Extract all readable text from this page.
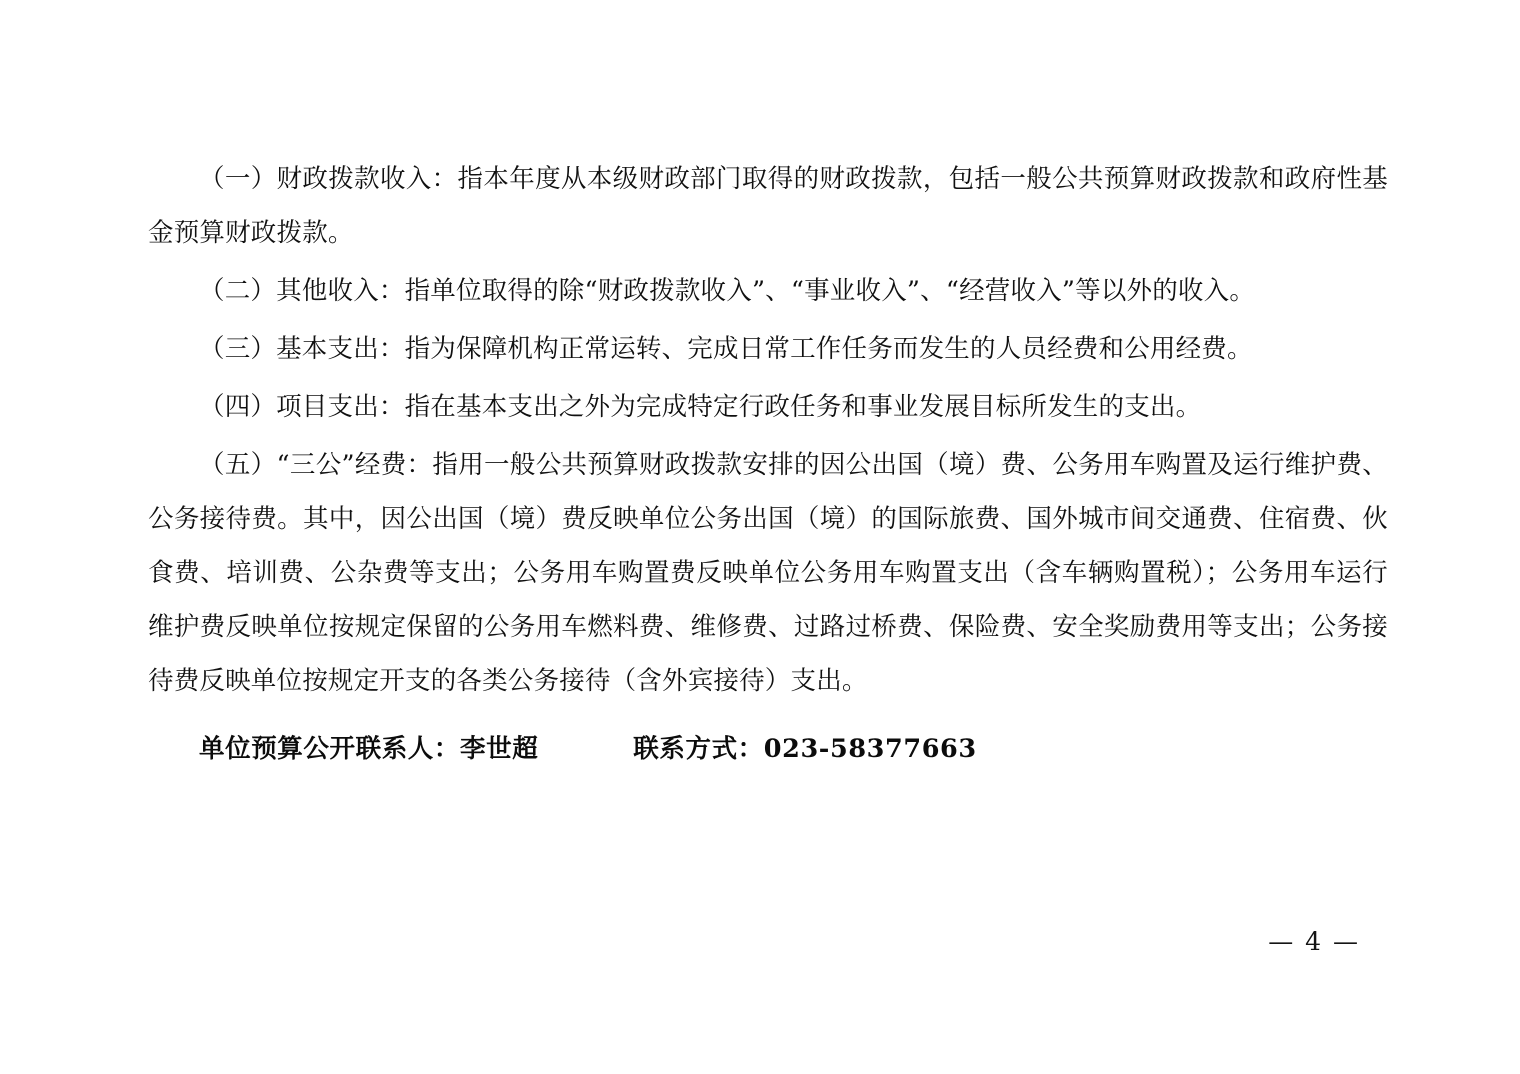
（一）财政拨款收入：指本年度从本级财政部门取得的财政拨款，包括一般公共预算财政拨款和政府性基金预算财政拨款。

（二）其他收入：指单位取得的除“财政拨款收入”、“事业收入”、“经营收入”等以外的收入。

（三）基本支出：指为保障机构正常运转、完成日常工作任务而发生的人员经费和公用经费。

（四）项目支出：指在基本支出之外为完成特定行政任务和事业发展目标所发生的支出。

（五）“三公”经费：指用一般公共预算财政拨款安排的因公出国（境）费、公务用车购置及运行维护费、公务接待费。其中，因公出国（境）费反映单位公务出国（境）的国际旅费、国外城市间交通费、住宿费、伙食费、培训费、公杂费等支出；公务用车购置费反映单位公务用车购置支出（含车辆购置税）；公务用车运行维护费反映单位按规定保留的公务用车燃料费、维修费、过路过桥费、保险费、安全奖励费用等支出；公务接待费反映单位按规定开支的各类公务接待（含外宾接待）支出。

单位预算公开联系人：李世超	联系方式：023-58377663
— 4 —
